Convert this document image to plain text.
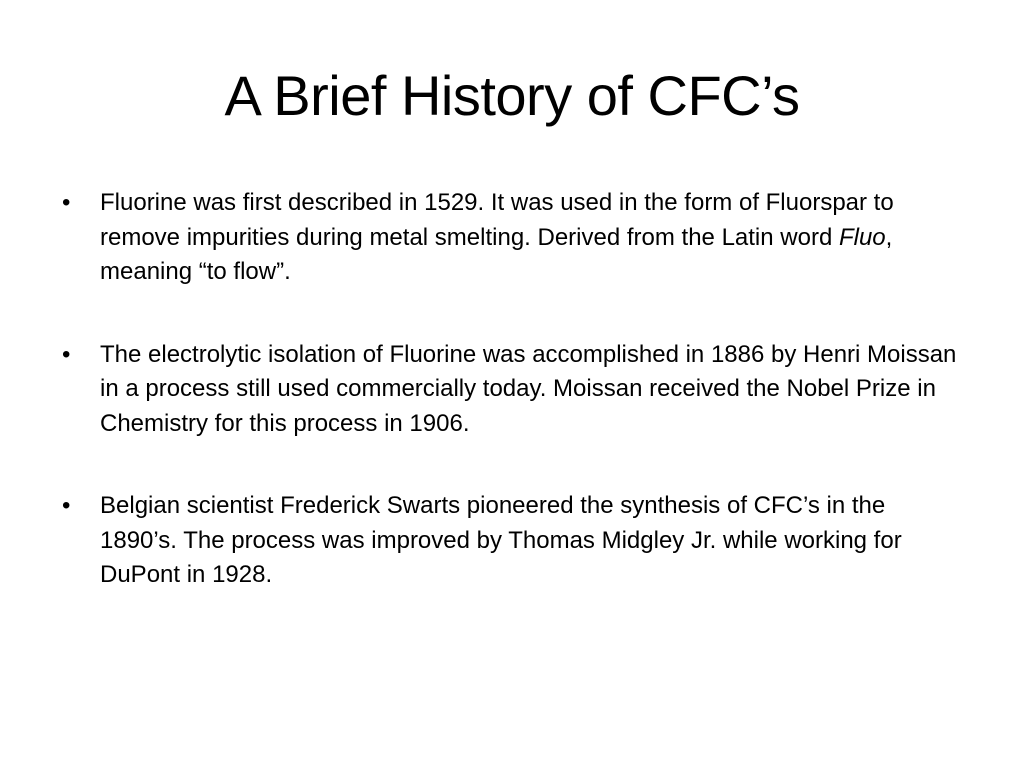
A Brief History of CFC’s
•	Fluorine was first described in 1529. It was used in the form of Fluorspar to remove impurities during metal smelting. Derived from the Latin word Fluo, meaning “to flow”.
•	The electrolytic isolation of Fluorine was accomplished in 1886 by Henri Moissan in a process still used commercially today. Moissan received the Nobel Prize in Chemistry for this process in 1906.
•	Belgian scientist Frederick Swarts pioneered the synthesis of CFC’s in the 1890’s. The process was improved by Thomas Midgley Jr. while working for DuPont in 1928.
